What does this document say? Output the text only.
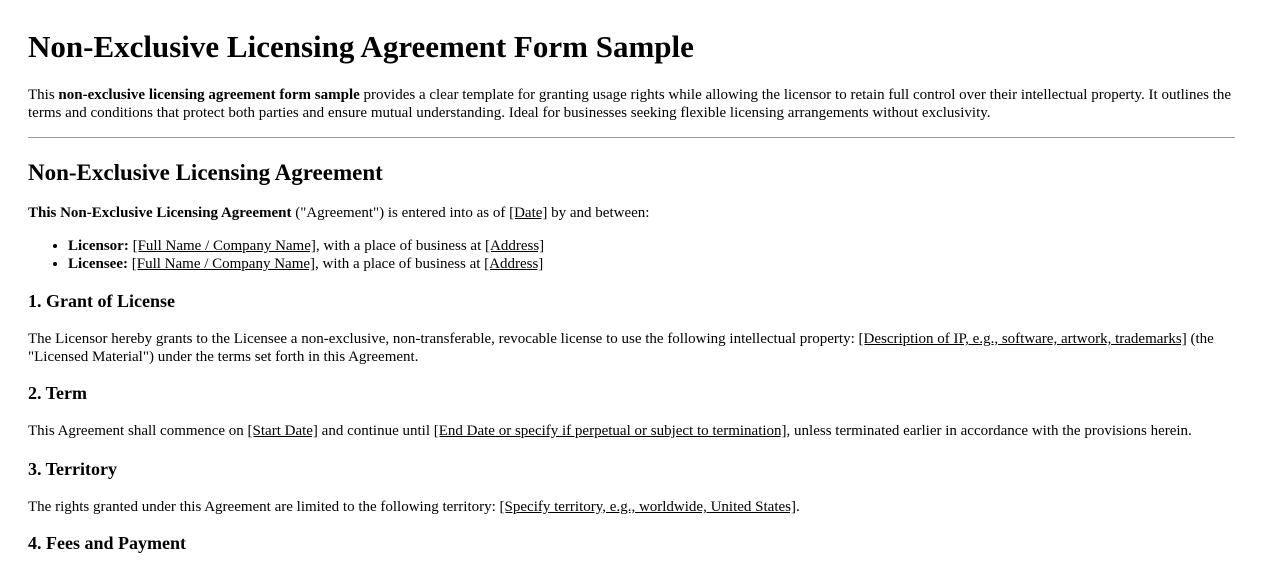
Non-Exclusive Licensing Agreement Form Sample

This non-exclusive licensing agreement form sample provides a clear template for granting usage rights while allowing the licensor to retain full control over their intellectual property. It outlines the terms and conditions that protect both parties and ensure mutual understanding. Ideal for businesses seeking flexible licensing arrangements without exclusivity.

Non-Exclusive Licensing Agreement

This Non-Exclusive Licensing Agreement ("Agreement") is entered into as of [Date] by and between:

• Licensor: [Full Name / Company Name], with a place of business at [Address]
• Licensee: [Full Name / Company Name], with a place of business at [Address]
1. Grant of License

The Licensor hereby grants to the Licensee a non-exclusive, non-transferable, revocable license to use the following intellectual property: [Description of IP, e.g., software, artwork, trademarks] (the "Licensed Material") under the terms set forth in this Agreement.

2. Term

This Agreement shall commence on [Start Date] and continue until [End Date or specify if perpetual or subject to termination], unless terminated earlier in accordance with the provisions herein.

3. Territory

The rights granted under this Agreement are limited to the following territory: [Specify territory, e.g., worldwide, United States].

4. Fees and Payment
